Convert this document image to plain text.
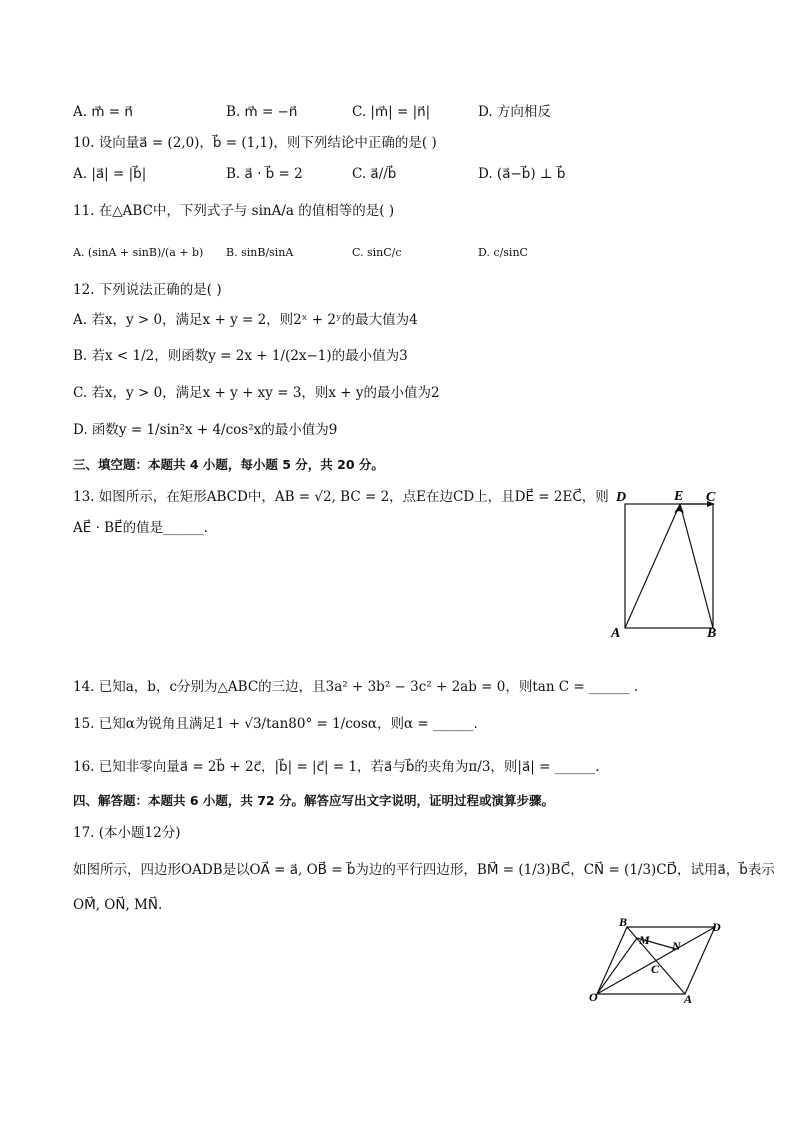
A. m⃗ = n⃗	B. m⃗ = −n⃗	C. |m⃗| = |n⃗|	D. 方向相反
10. 设向量a⃗ = (2,0)，b⃗ = (1,1)，则下列结论中正确的是( )
A. |a⃗| = |b⃗|	B. a⃗ · b⃗ = 2	C. a⃗//b⃗	D. (a⃗−b⃗) ⊥ b⃗
11. 在△ABC中，下列式子与 sinA/a 的值相等的是( )
A. (sinA + sinB)/(a + b) B. sinB/sinA	C. sinC/c	D. c/sinC
12. 下列说法正确的是( )
A. 若x，y > 0，满足x + y = 2，则2ˣ + 2ʸ的最大值为4
B. 若x < 1/2，则函数y = 2x + 1/(2x−1)的最小值为3
C. 若x，y > 0，满足x + y + xy = 3，则x + y的最小值为2
D. 函数y = 1/sin²x + 4/cos²x的最小值为9
三、填空题：本题共 4 小题，每小题 5 分，共 20 分。
13. 如图所示，在矩形ABCD中，AB = √2, BC = 2，点E在边CD上，且DE⃗ = 2EC⃗，则
AE⃗ · BE⃗的值是______.
D	E C
A	B
14. 已知a，b，c分别为△ABC的三边，且3a² + 3b² − 3c² + 2ab = 0，则tan C = ______ .
15. 已知α为锐角且满足1 + √3/tan80° = 1/cosα，则α = ______.
16. 已知非零向量a⃗ = 2b⃗ + 2c⃗，|b⃗| = |c⃗| = 1，若a⃗与b⃗的夹角为π/3，则|a⃗| = ______.
四、解答题：本题共 6 小题，共 72 分。解答应写出文字说明，证明过程或演算步骤。
17. (本小题12分)
如图所示，四边形OADB是以OA⃗ = a⃗, OB⃗ = b⃗为边的平行四边形，BM⃗ = (1/3)BC⃗，CN⃗ = (1/3)CD⃗，试用a⃗，b⃗表示
OM⃗, ON⃗, MN⃗.
B
M N
D
C
O	A
